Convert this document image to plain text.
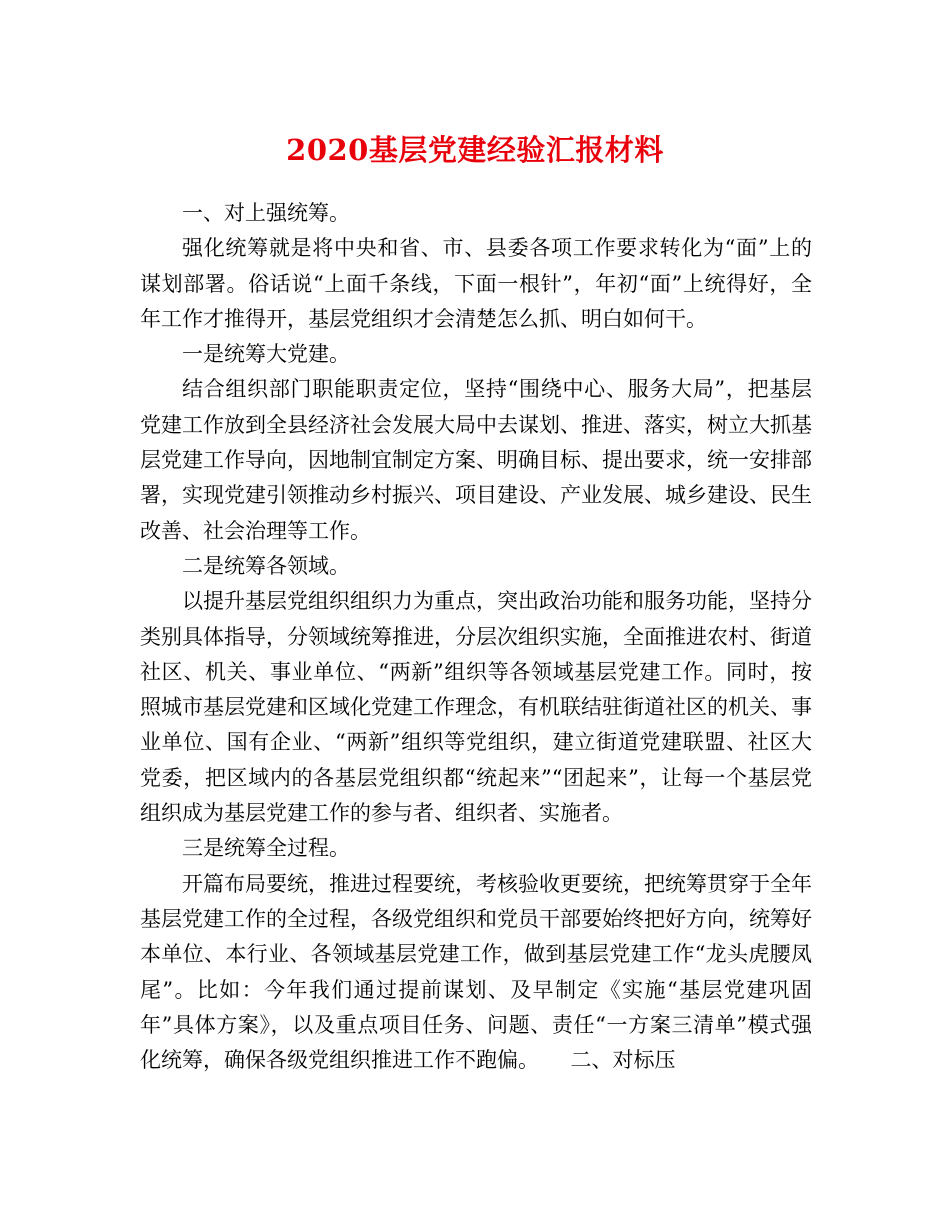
2020基层党建经验汇报材料

一、对上强统筹。

强化统筹就是将中央和省、市、县委各项工作要求转化为“面”上的谋划部署。俗话说“上面千条线，下面一根针”，年初“面”上统得好，全年工作才推得开，基层党组织才会清楚怎么抓、明白如何干。

一是统筹大党建。

结合组织部门职能职责定位，坚持“围绕中心、服务大局”，把基层党建工作放到全县经济社会发展大局中去谋划、推进、落实，树立大抓基层党建工作导向，因地制宜制定方案、明确目标、提出要求，统一安排部署，实现党建引领推动乡村振兴、项目建设、产业发展、城乡建设、民生改善、社会治理等工作。

二是统筹各领域。

以提升基层党组织组织力为重点，突出政治功能和服务功能，坚持分类别具体指导，分领域统筹推进，分层次组织实施，全面推进农村、街道社区、机关、事业单位、“两新”组织等各领域基层党建工作。同时，按照城市基层党建和区域化党建工作理念，有机联结驻街道社区的机关、事业单位、国有企业、“两新”组织等党组织，建立街道党建联盟、社区大党委，把区域内的各基层党组织都“统起来”“团起来”，让每一个基层党组织成为基层党建工作的参与者、组织者、实施者。

三是统筹全过程。

开篇布局要统，推进过程要统，考核验收更要统，把统筹贯穿于全年基层党建工作的全过程，各级党组织和党员干部要始终把好方向，统筹好本单位、本行业、各领域基层党建工作，做到基层党建工作“龙头虎腰凤尾”。比如：今年我们通过提前谋划、及早制定《实施“基层党建巩固年”具体方案》，以及重点项目任务、问题、责任“一方案三清单”模式强化统筹，确保各级党组织推进工作不跑偏。　　二、对标压
